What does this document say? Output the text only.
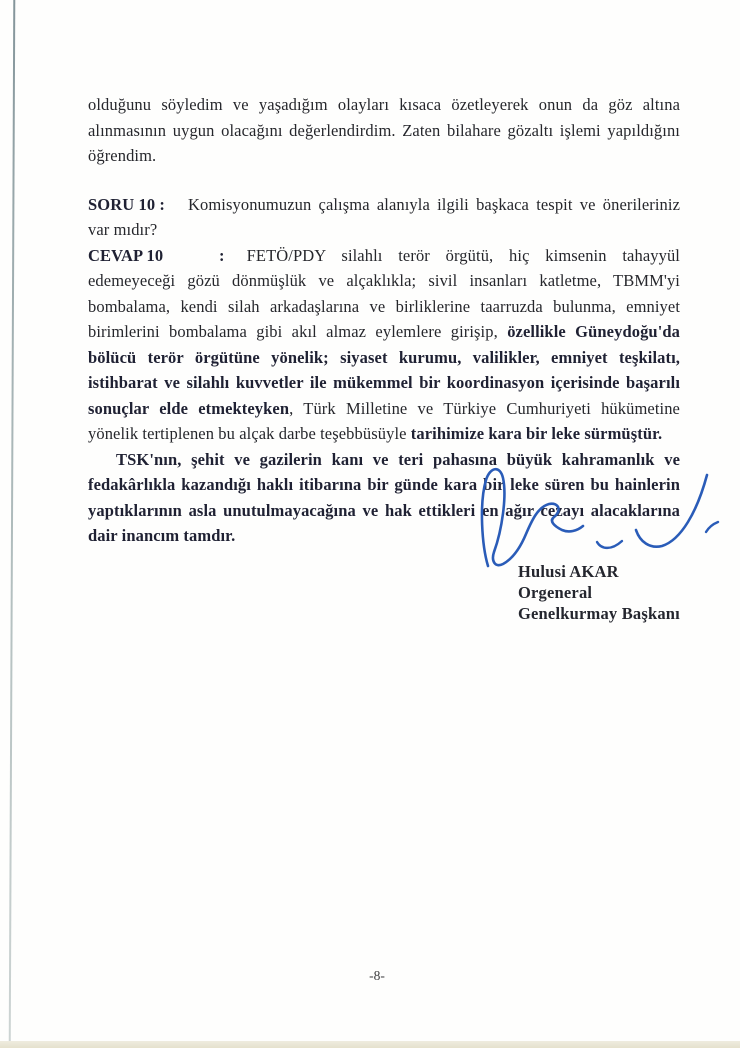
olduğunu söyledim ve yaşadığım olayları kısaca özetleyerek onun da göz altına alınmasının uygun olacağını değerlendirdim. Zaten bilahare gözaltı işlemi yapıldığını öğrendim.

SORU 10 : Komisyonumuzun çalışma alanıyla ilgili başkaca tespit ve önerileriniz var mıdır?

CEVAP 10	: FETÖ/PDY silahlı terör örgütü, hiç kimsenin tahayyül edemeyeceği gözü dönmüşlük ve alçaklıkla; sivil insanları katletme, TBMM'yi bombalama, kendi silah arkadaşlarına ve birliklerine taarruzda bulunma, emniyet birimlerini bombalama gibi akıl almaz eylemlere girişip, özellikle Güneydoğu'da bölücü terör örgütüne yönelik; siyaset kurumu, valilikler, emniyet teşkilatı, istihbarat ve silahlı kuvvetler ile mükemmel bir koordinasyon içerisinde başarılı sonuçlar elde etmekteyken, Türk Milletine ve Türkiye Cumhuriyeti hükümetine yönelik tertiplenen bu alçak darbe teşebbüsüyle tarihimize kara bir leke sürmüştür.

TSK'nın, şehit ve gazilerin kanı ve teri pahasına büyük kahramanlık ve fedakârlıkla kazandığı haklı itibarına bir günde kara bir leke süren bu hainlerin yaptıklarının asla unutulmayacağına ve hak ettikleri en ağır cezayı alacaklarına dair inancım tamdır.

Hulusi AKAR
Orgeneral
Genelkurmay Başkanı
-8-
